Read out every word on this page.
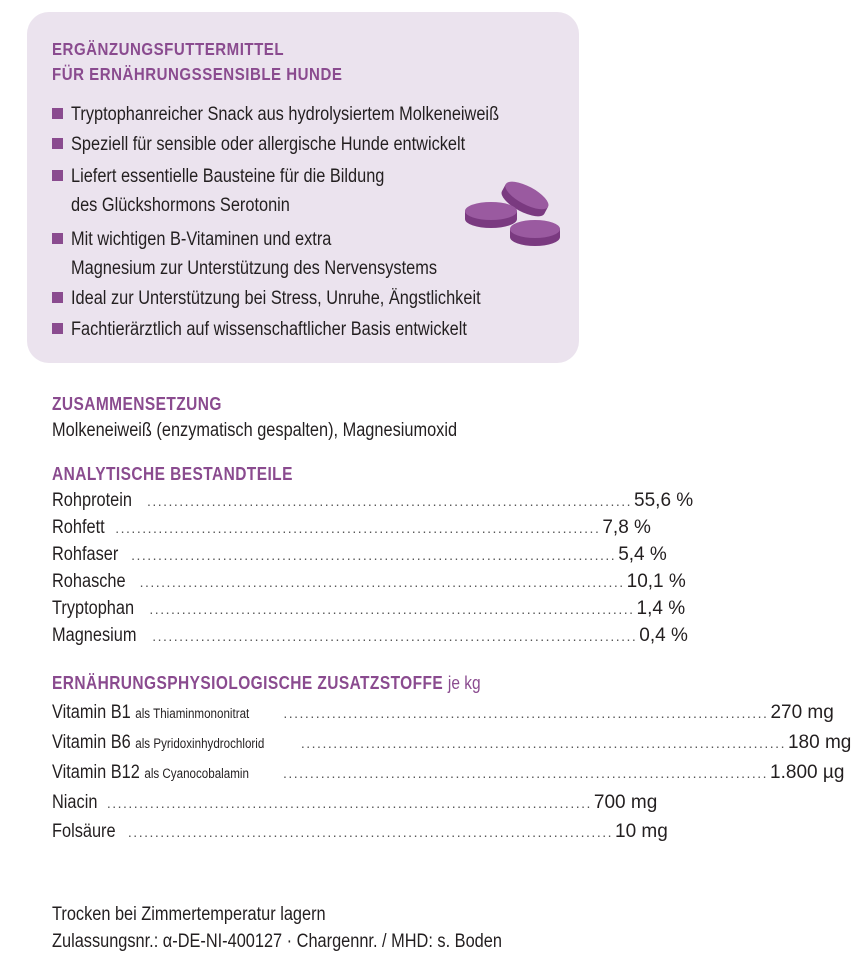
ERGÄNZUNGSFUTTERMITTEL
FÜR ERNÄHRUNGSSENSIBLE HUNDE
Tryptophanreicher Snack aus hydrolysiertem Molkeneiweiß
Speziell für sensible oder allergische Hunde entwickelt
Liefert essentielle Bausteine für die Bildung
des Glückshormons Serotonin
Mit wichtigen B-Vitaminen und extra
Magnesium zur Unterstützung des Nervensystems
Ideal zur Unterstützung bei Stress, Unruhe, Ängstlichkeit
Fachtierärztlich auf wissenschaftlicher Basis entwickelt
ZUSAMMENSETZUNG
Molkeneiweiß (enzymatisch gespalten), Magnesiumoxid
ANALYTISCHE BESTANDTEILE
Rohprotein .......................................................................................... 55,6 %
Rohfett .......................................................................................... 7,8 %
Rohfaser .......................................................................................... 5,4 %
Rohasche .......................................................................................... 10,1 %
Tryptophan .......................................................................................... 1,4 %
Magnesium .......................................................................................... 0,4 %
ERNÄHRUNGSPHYSIOLOGISCHE ZUSATZSTOFFE je kg
Vitamin B1 als Thiaminmononitrat .......................................................................................... 270 mg
Vitamin B6 als Pyridoxinhydrochlorid	.......................................................................................... 180 mg
Vitamin B12 als Cyanocobalamin .......................................................................................... 1.800 µg
Niacin .......................................................................................... 700 mg
Folsäure .......................................................................................... 10 mg
Trocken bei Zimmertemperatur lagern
Zulassungsnr.: α-DE-NI-400127 · Chargennr. / MHD: s. Boden
